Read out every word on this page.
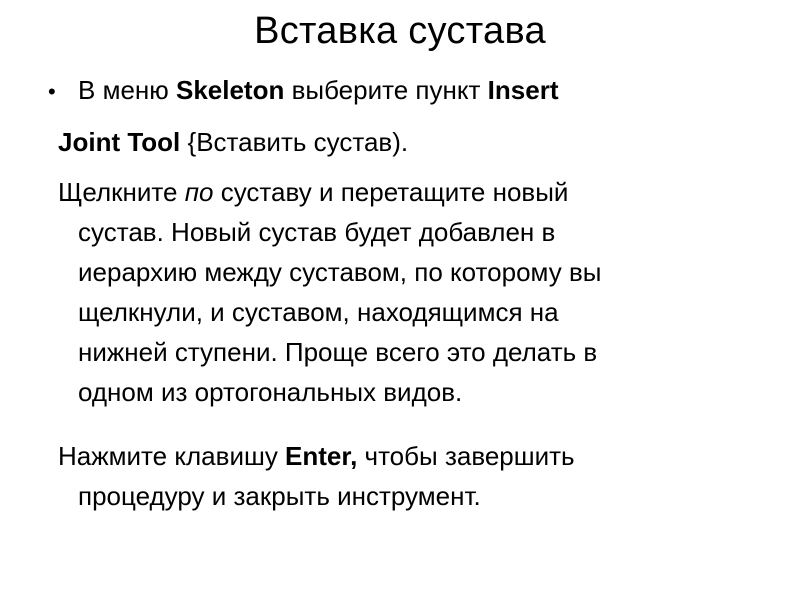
Вставка сустава
• В меню Skeleton выберите пункт Insert
Joint Tool {Вставить сустав).
Щелкните по суставу и перетащите новый
сустав. Новый сустав будет добавлен в
иерархию между суставом, по которому вы
щелкнули, и суставом, находящимся на
нижней ступени. Проще всего это делать в
одном из ортогональных видов.
Нажмите клавишу Enter, чтобы завершить
процедуру и закрыть инструмент.
